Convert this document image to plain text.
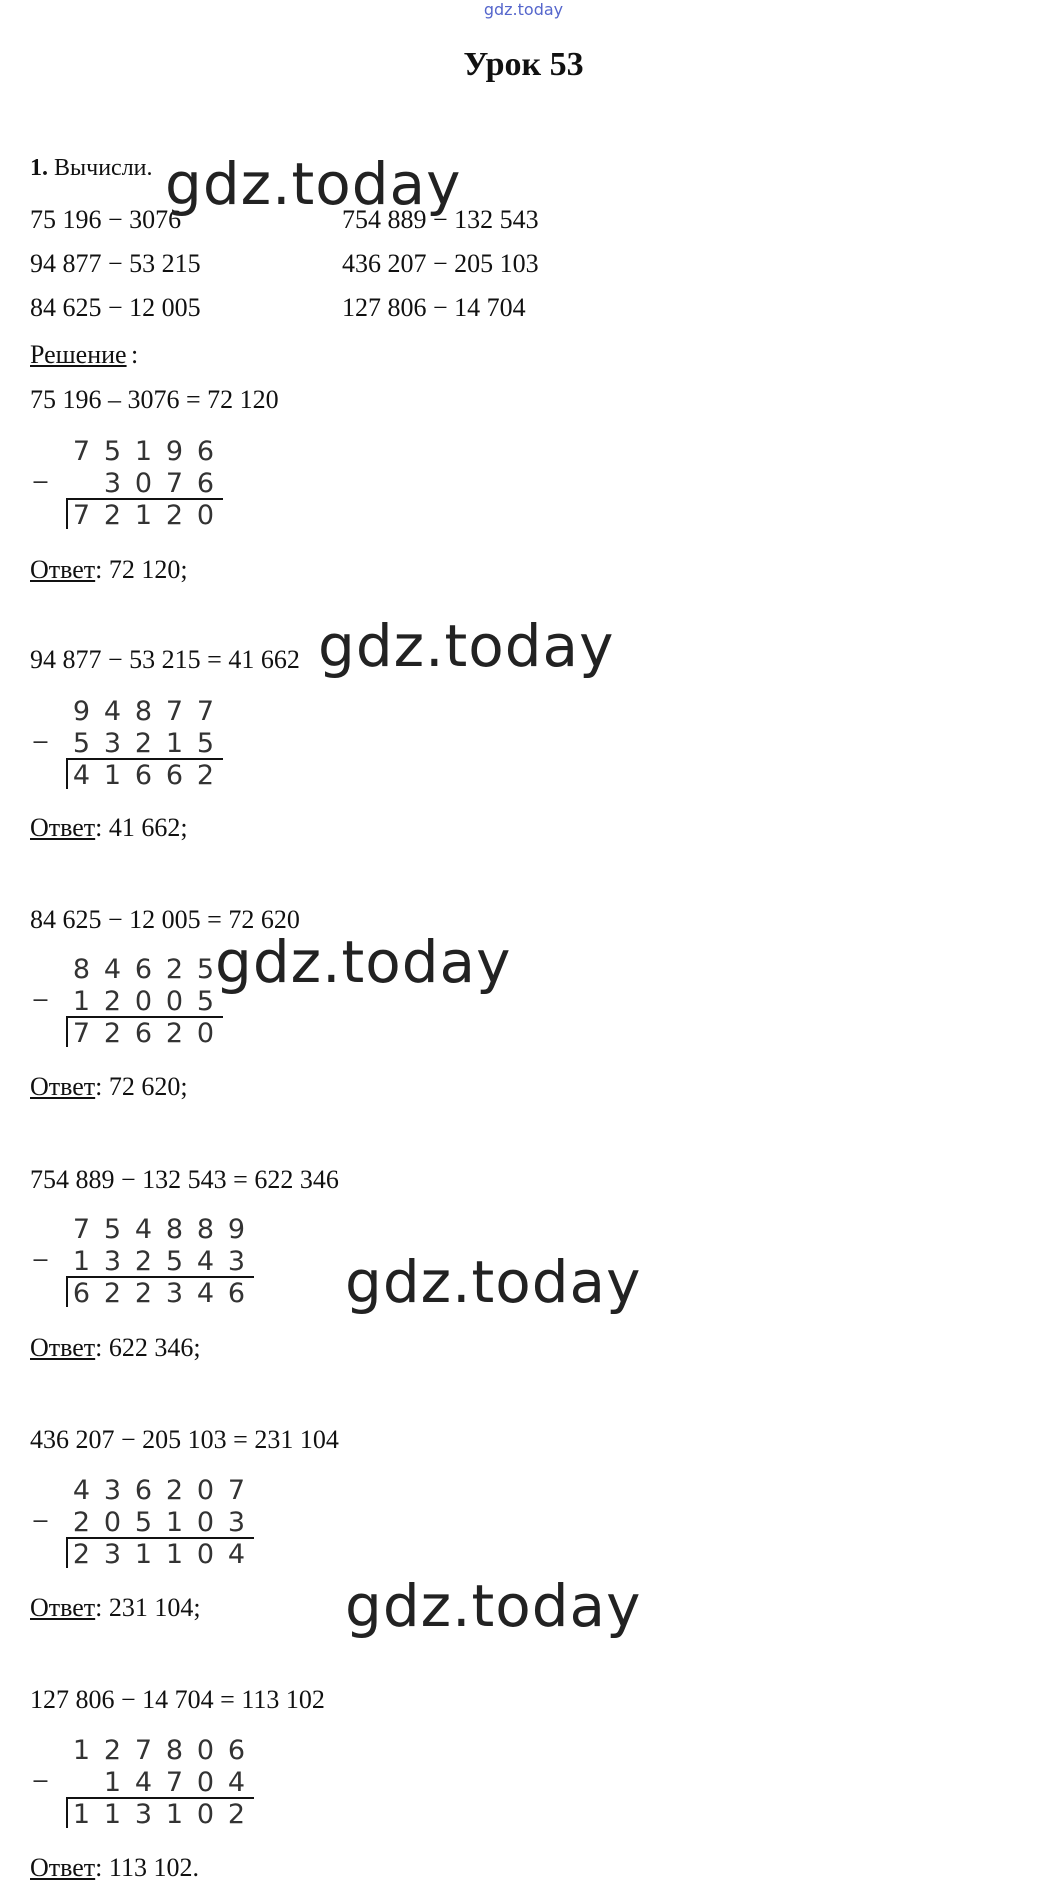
gdz.today
Урок 53
1. Вычисли.
75 196 − 3076
94 877 − 53 215
84 625 − 12 005
754 889 − 132 543
436 207 − 205 103
127 806 − 14 704
Решение :
75 196 – 3076 = 72 120
7 5 1 9 6
−	3 0 7 6
7 2 1 2 0
Ответ: 72 120;
94 877 − 53 215 = 41 662
9 4 8 7 7
− 5 3 2 1 5
4 1 6 6 2
Ответ: 41 662;
84 625 − 12 005 = 72 620
8 4 6 2 5
− 1 2 0 0 5
7 2 6 2 0
Ответ: 72 620;
754 889 − 132 543 = 622 346
7 5 4 8 8 9
− 1 3 2 5 4 3
6 2 2 3 4 6
Ответ: 622 346;
436 207 − 205 103 = 231 104
4 3 6 2 0 7
− 2 0 5 1 0 3
2 3 1 1 0 4
Ответ: 231 104;
127 806 − 14 704 = 113 102
1 2 7 8 0 6
−	1 4 7 0 4
1 1 3 1 0 2
Ответ: 113 102.
gdz.today
gdz.today
gdz.today
gdz.today
gdz.today
